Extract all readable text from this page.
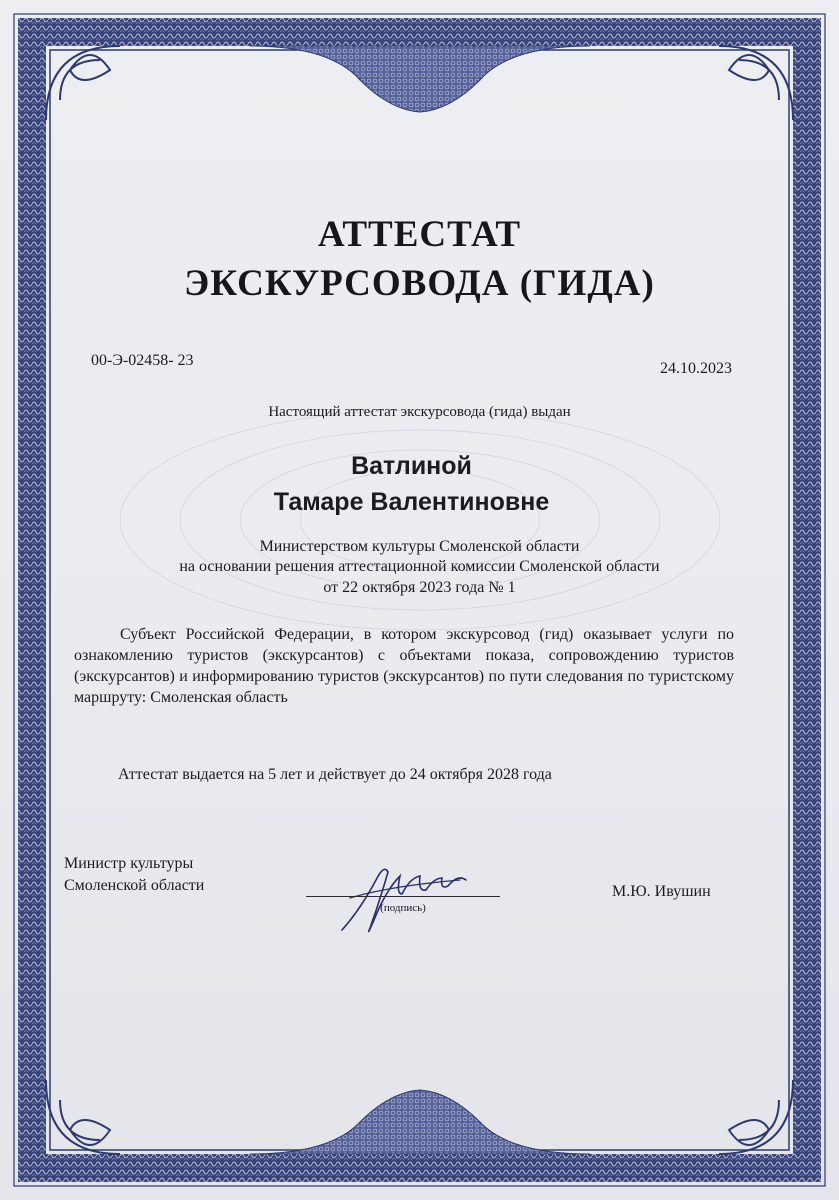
АТТЕСТАТ
ЭКСКУРСОВОДА (ГИДА)
00-Э-02458- 23	24.10.2023
Настоящий аттестат экскурсовода (гида) выдан
Ватлиной
Тамаре Валентиновне
Министерством культуры Смоленской области
на основании решения аттестационной комиссии Смоленской области
от 22 октября 2023 года № 1
Субъект Российской Федерации, в котором экскурсовод (гид) оказывает услуги по ознакомлению туристов (экскурсантов) с объектами показа, сопровождению туристов (экскурсантов) и информированию туристов (экскурсантов) по пути следования по туристскому маршруту: Смоленская область
Аттестат выдается на 5 лет и действует до 24 октября 2028 года
Министр культуры
Смоленской области
(подпись)
М.Ю. Ивушин
